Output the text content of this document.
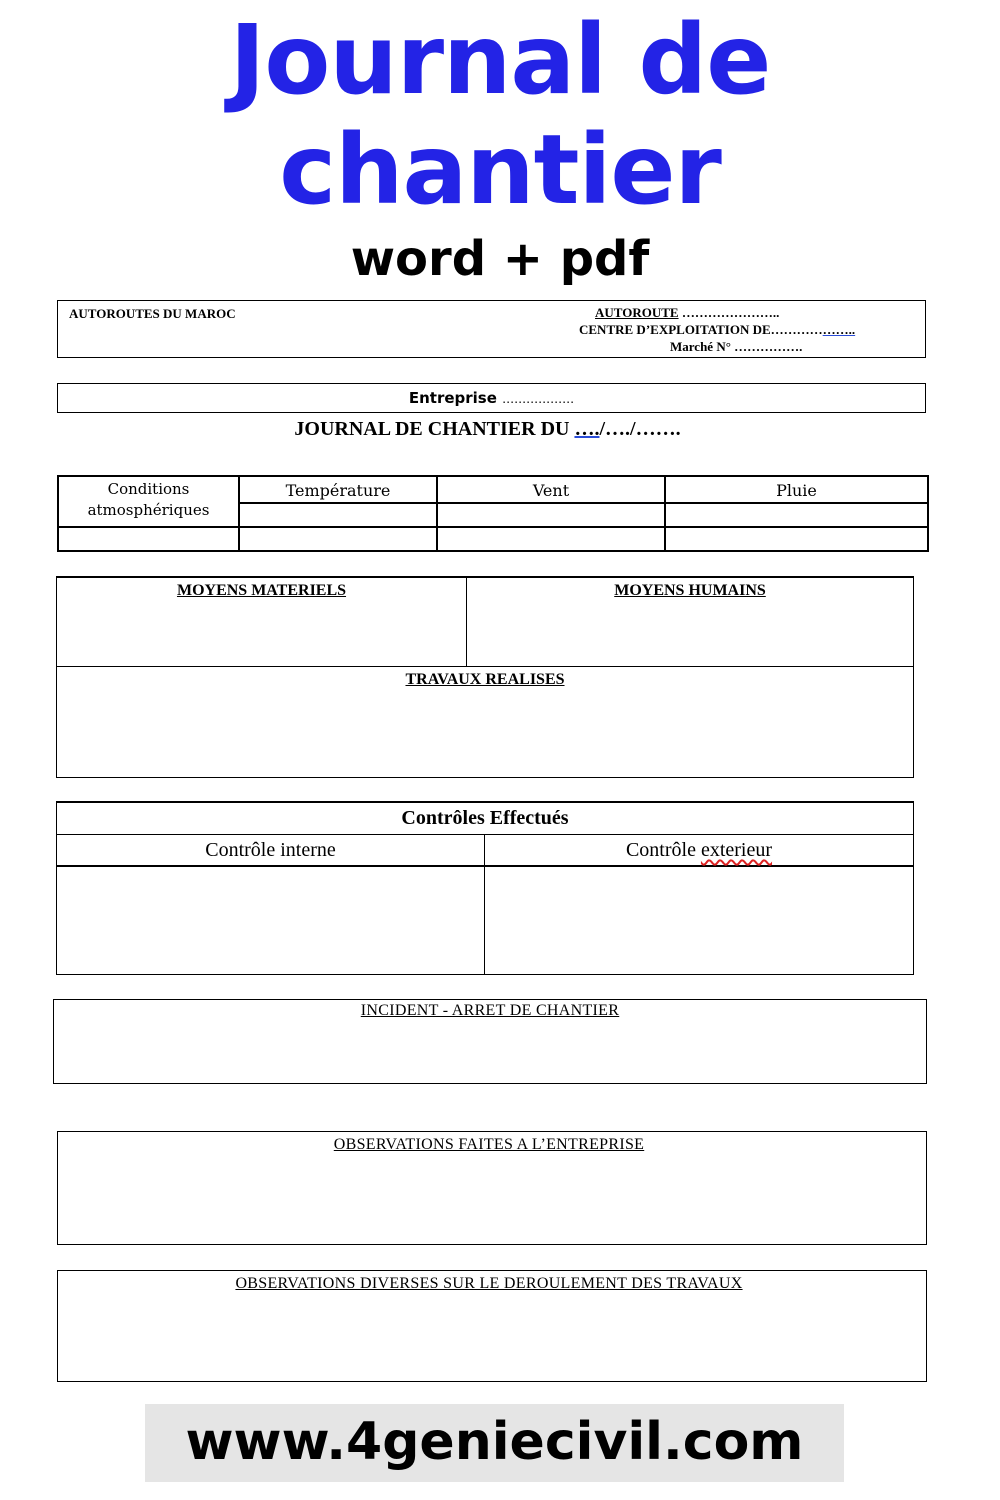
Journal de
chantier
word + pdf
AUTOROUTES DU MAROC	AUTOROUTE …………………..
CENTRE D’EXPLOITATION DE………………..
Marché N° …………….
Entreprise ………………
JOURNAL DE CHANTIER DU …./…./…….
Conditions atmosphériques	Température	Vent	Pluie

MOYENS MATERIELS	MOYENS HUMAINS
TRAVAUX REALISES
Contrôles Effectués
Contrôle interne	Contrôle exterieur
INCIDENT - ARRET DE CHANTIER
OBSERVATIONS FAITES A L’ENTREPRISE
OBSERVATIONS DIVERSES SUR LE DEROULEMENT DES TRAVAUX
www.4geniecivil.com
